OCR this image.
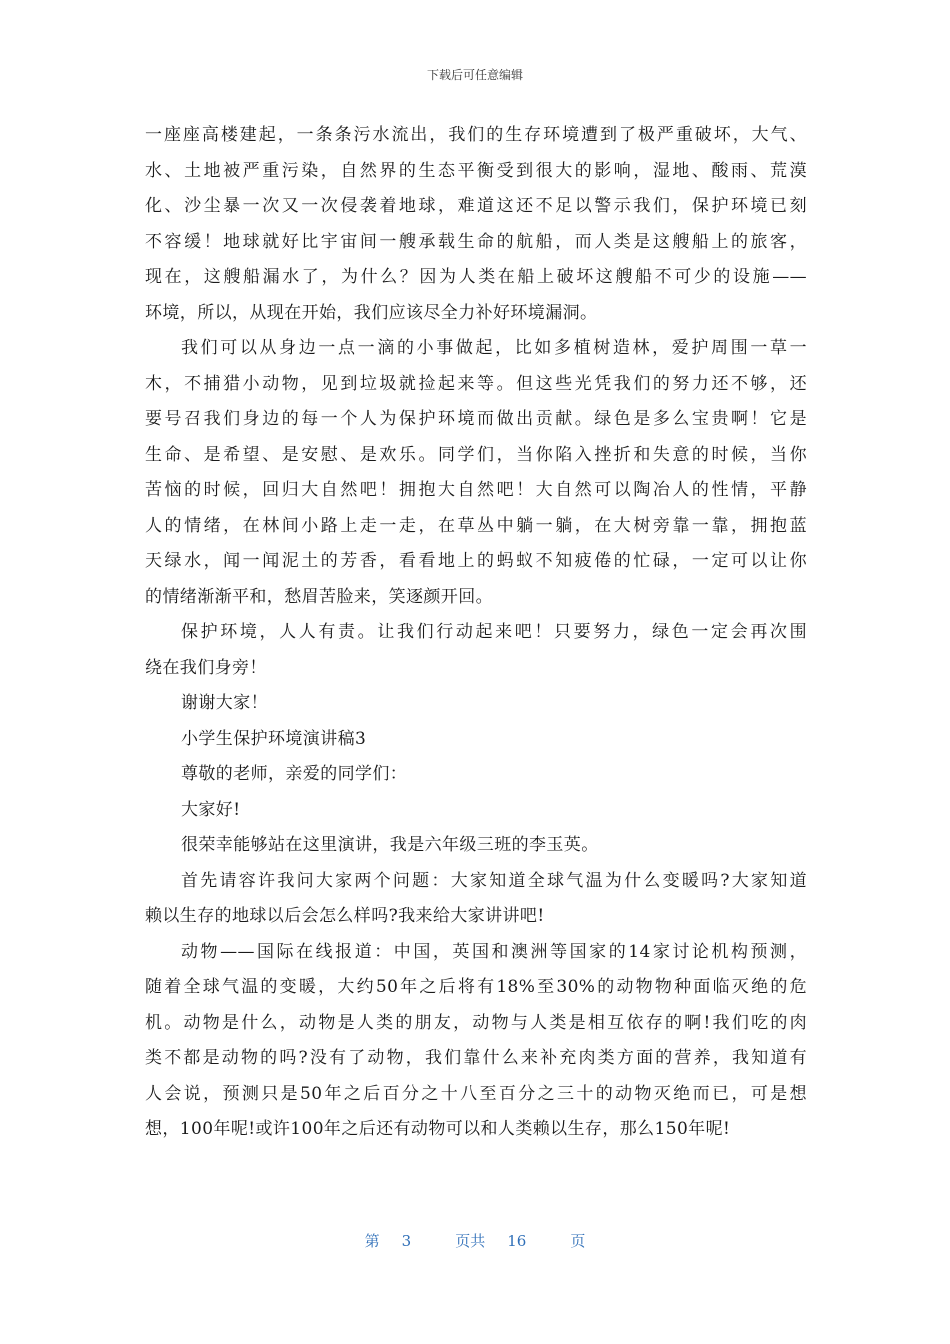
下载后可任意编辑
一座座高楼建起，一条条污水流出，我们的生存环境遭到了极严重破坏，大气、
水、土地被严重污染，自然界的生态平衡受到很大的影响，湿地、酸雨、荒漠
化、沙尘暴一次又一次侵袭着地球，难道这还不足以警示我们，保护环境已刻
不容缓！地球就好比宇宙间一艘承载生命的航船，而人类是这艘船上的旅客，
现在，这艘船漏水了，为什么？因为人类在船上破坏这艘船不可少的设施——
环境，所以，从现在开始，我们应该尽全力补好环境漏洞。
我们可以从身边一点一滴的小事做起，比如多植树造林，爱护周围一草一
木，不捕猎小动物，见到垃圾就捡起来等。但这些光凭我们的努力还不够，还
要号召我们身边的每一个人为保护环境而做出贡献。绿色是多么宝贵啊！它是
生命、是希望、是安慰、是欢乐。同学们，当你陷入挫折和失意的时候，当你
苦恼的时候，回归大自然吧！拥抱大自然吧！大自然可以陶冶人的性情，平静
人的情绪，在林间小路上走一走，在草丛中躺一躺，在大树旁靠一靠，拥抱蓝
天绿水，闻一闻泥土的芳香，看看地上的蚂蚁不知疲倦的忙碌，一定可以让你
的情绪渐渐平和，愁眉苦脸来，笑逐颜开回。
保护环境，人人有责。让我们行动起来吧！只要努力，绿色一定会再次围
绕在我们身旁！
谢谢大家！
小学生保护环境演讲稿3
尊敬的老师，亲爱的同学们：
大家好!
很荣幸能够站在这里演讲，我是六年级三班的李玉英。
首先请容许我问大家两个问题：大家知道全球气温为什么变暖吗?大家知道
赖以生存的地球以后会怎么样吗?我来给大家讲讲吧!
动物——国际在线报道：中国，英国和澳洲等国家的14家讨论机构预测，
随着全球气温的变暖，大约50年之后将有18%至30%的动物物种面临灭绝的危
机。动物是什么，动物是人类的朋友，动物与人类是相互依存的啊!我们吃的肉
类不都是动物的吗?没有了动物，我们靠什么来补充肉类方面的营养，我知道有
人会说，预测只是50年之后百分之十八至百分之三十的动物灭绝而已，可是想
想，100年呢!或许100年之后还有动物可以和人类赖以生存，那么150年呢!
第 3	页共 16	页
